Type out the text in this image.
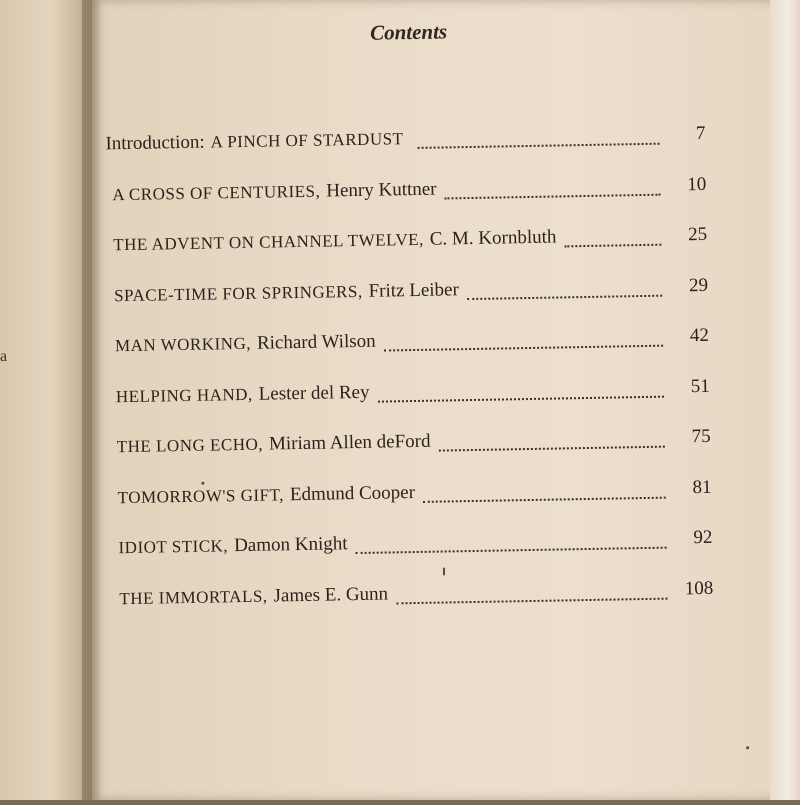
a
Contents
Introduction: A PINCH OF STARDUST	7
A CROSS OF CENTURIES, Henry Kuttner	10
THE ADVENT ON CHANNEL TWELVE, C. M. Kornbluth	25
SPACE-TIME FOR SPRINGERS, Fritz Leiber	29
MAN WORKING, Richard Wilson	42
HELPING HAND, Lester del Rey	51
THE LONG ECHO, Miriam Allen deFord	75
TOMORROW'S GIFT, Edmund Cooper	81
IDIOT STICK, Damon Knight	92
THE IMMORTALS, James E. Gunn	108
